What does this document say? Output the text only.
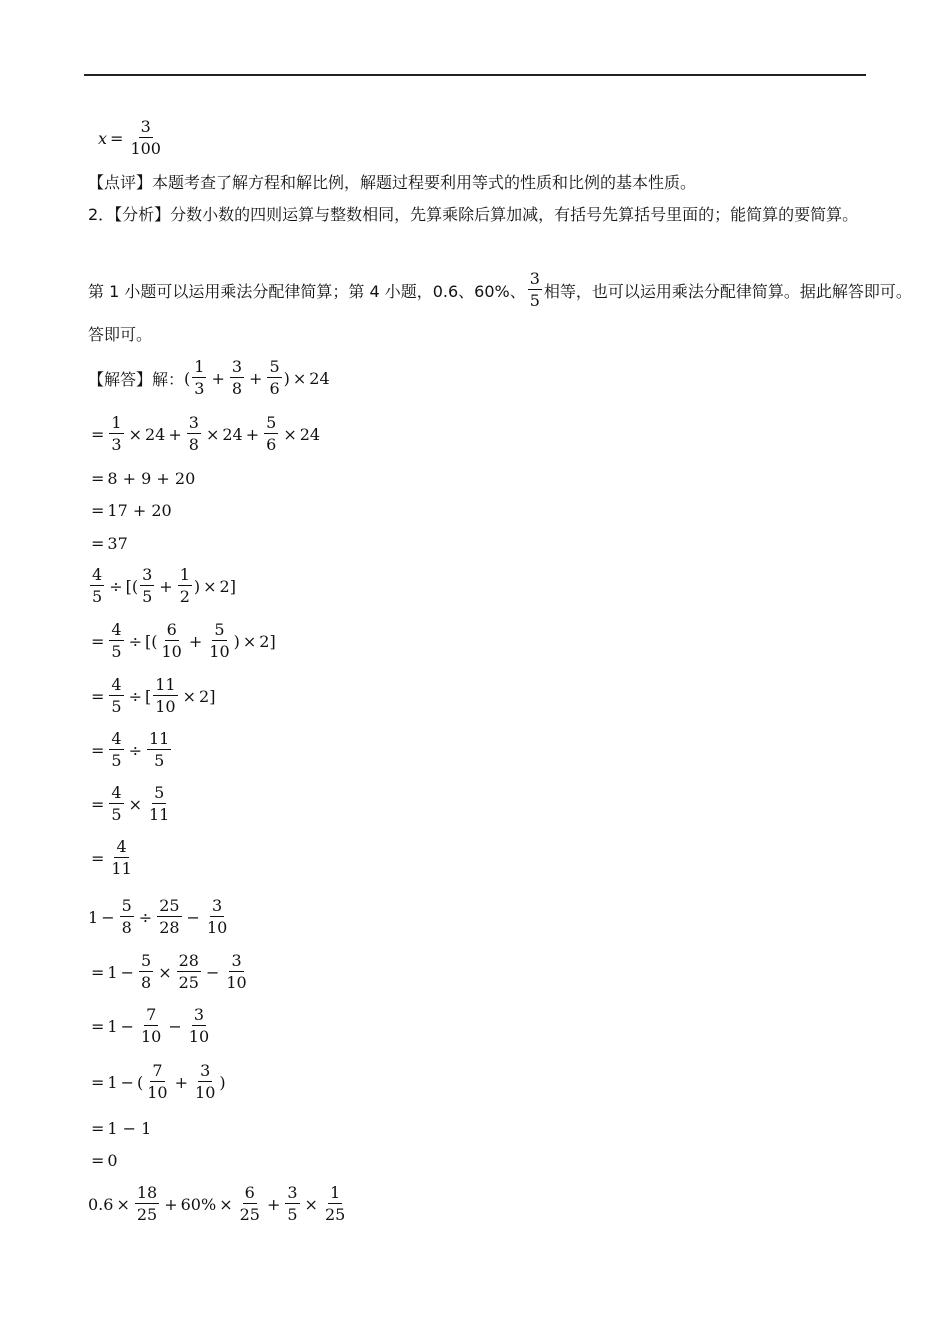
$x = \frac{3}{100}$
【点评】本题考查了解方程和解比例，解题过程要利用等式的性质和比例的基本性质。
2．【分析】分数小数的四则运算与整数相同，先算乘除后算加减，有括号先算括号里面的；能简算的要简算。
第 1 小题可以运用乘法分配律简算；第 4 小题，0.6、60%、 $\frac{3}{5}$ 相等，也可以运用乘法分配律简算。据此解答即可。
答即可。
【解答】解： ( $\frac{1}{3} + \frac{3}{8} + \frac{5}{6}$ ) × 24
= $\frac{1}{3} \times 24 + \frac{3}{8} \times 24 + \frac{5}{6} \times 24$
= 8 + 9 + 20
= 17 + 20
= 37
$\frac{4}{5}$ ÷ [ ( $\frac{3}{5} + \frac{1}{2}$ ) × 2 ]
= $\frac{4}{5}$ ÷ [ ( $\frac{6}{10} + \frac{5}{10}$ ) × 2 ]
= $\frac{4}{5}$ ÷ [ $\frac{11}{10} \times 2$ ]
= $\frac{4}{5} \div \frac{11}{5}$
= $\frac{4}{5} \times \frac{5}{11}$
= $\frac{4}{11}$
$1 - \frac{5}{8} \div \frac{25}{28} - \frac{3}{10}$
= $1 - \frac{5}{8} \times \frac{28}{25} - \frac{3}{10}$
= $1 - \frac{7}{10} - \frac{3}{10}$
= 1 − ( $\frac{7}{10} + \frac{3}{10}$ )
= 1 − 1
= 0
$0.6 \times \frac{18}{25} + 60\% \times \frac{6}{25} + \frac{3}{5} \times \frac{1}{25}$
